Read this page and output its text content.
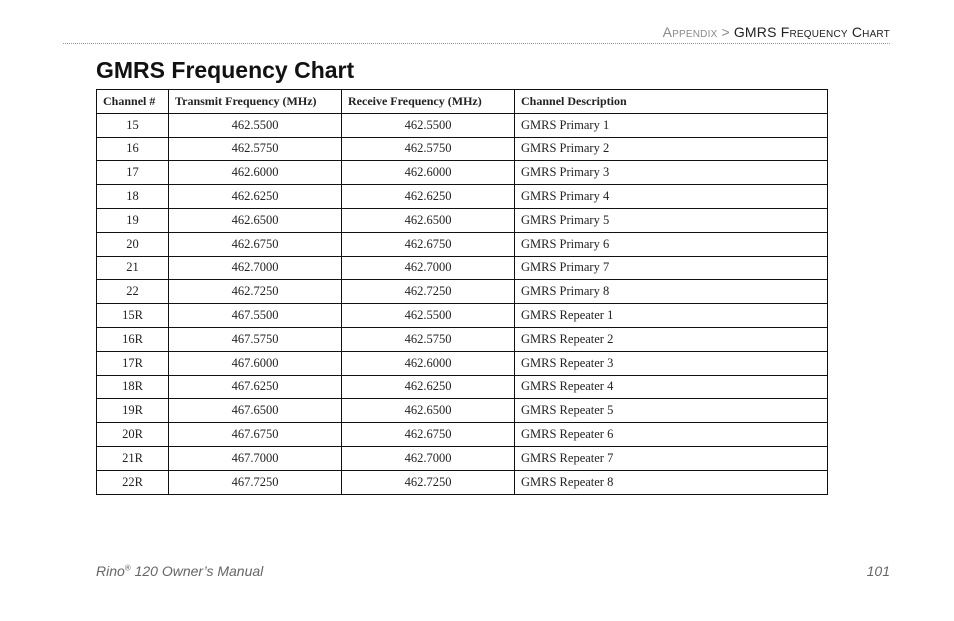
Appendix > GMRS Frequency Chart
GMRS Frequency Chart
Channel #	Transmit Frequency (MHz)	Receive Frequency (MHz)	Channel Description
15	462.5500	462.5500	GMRS Primary 1
16	462.5750	462.5750	GMRS Primary 2
17	462.6000	462.6000	GMRS Primary 3
18	462.6250	462.6250	GMRS Primary 4
19	462.6500	462.6500	GMRS Primary 5
20	462.6750	462.6750	GMRS Primary 6
21	462.7000	462.7000	GMRS Primary 7
22	462.7250	462.7250	GMRS Primary 8
15R	467.5500	462.5500	GMRS Repeater 1
16R	467.5750	462.5750	GMRS Repeater 2
17R	467.6000	462.6000	GMRS Repeater 3
18R	467.6250	462.6250	GMRS Repeater 4
19R	467.6500	462.6500	GMRS Repeater 5
20R	467.6750	462.6750	GMRS Repeater 6
21R	467.7000	462.7000	GMRS Repeater 7
22R	467.7250	462.7250	GMRS Repeater 8
Rino® 120 Owner’s Manual	101
